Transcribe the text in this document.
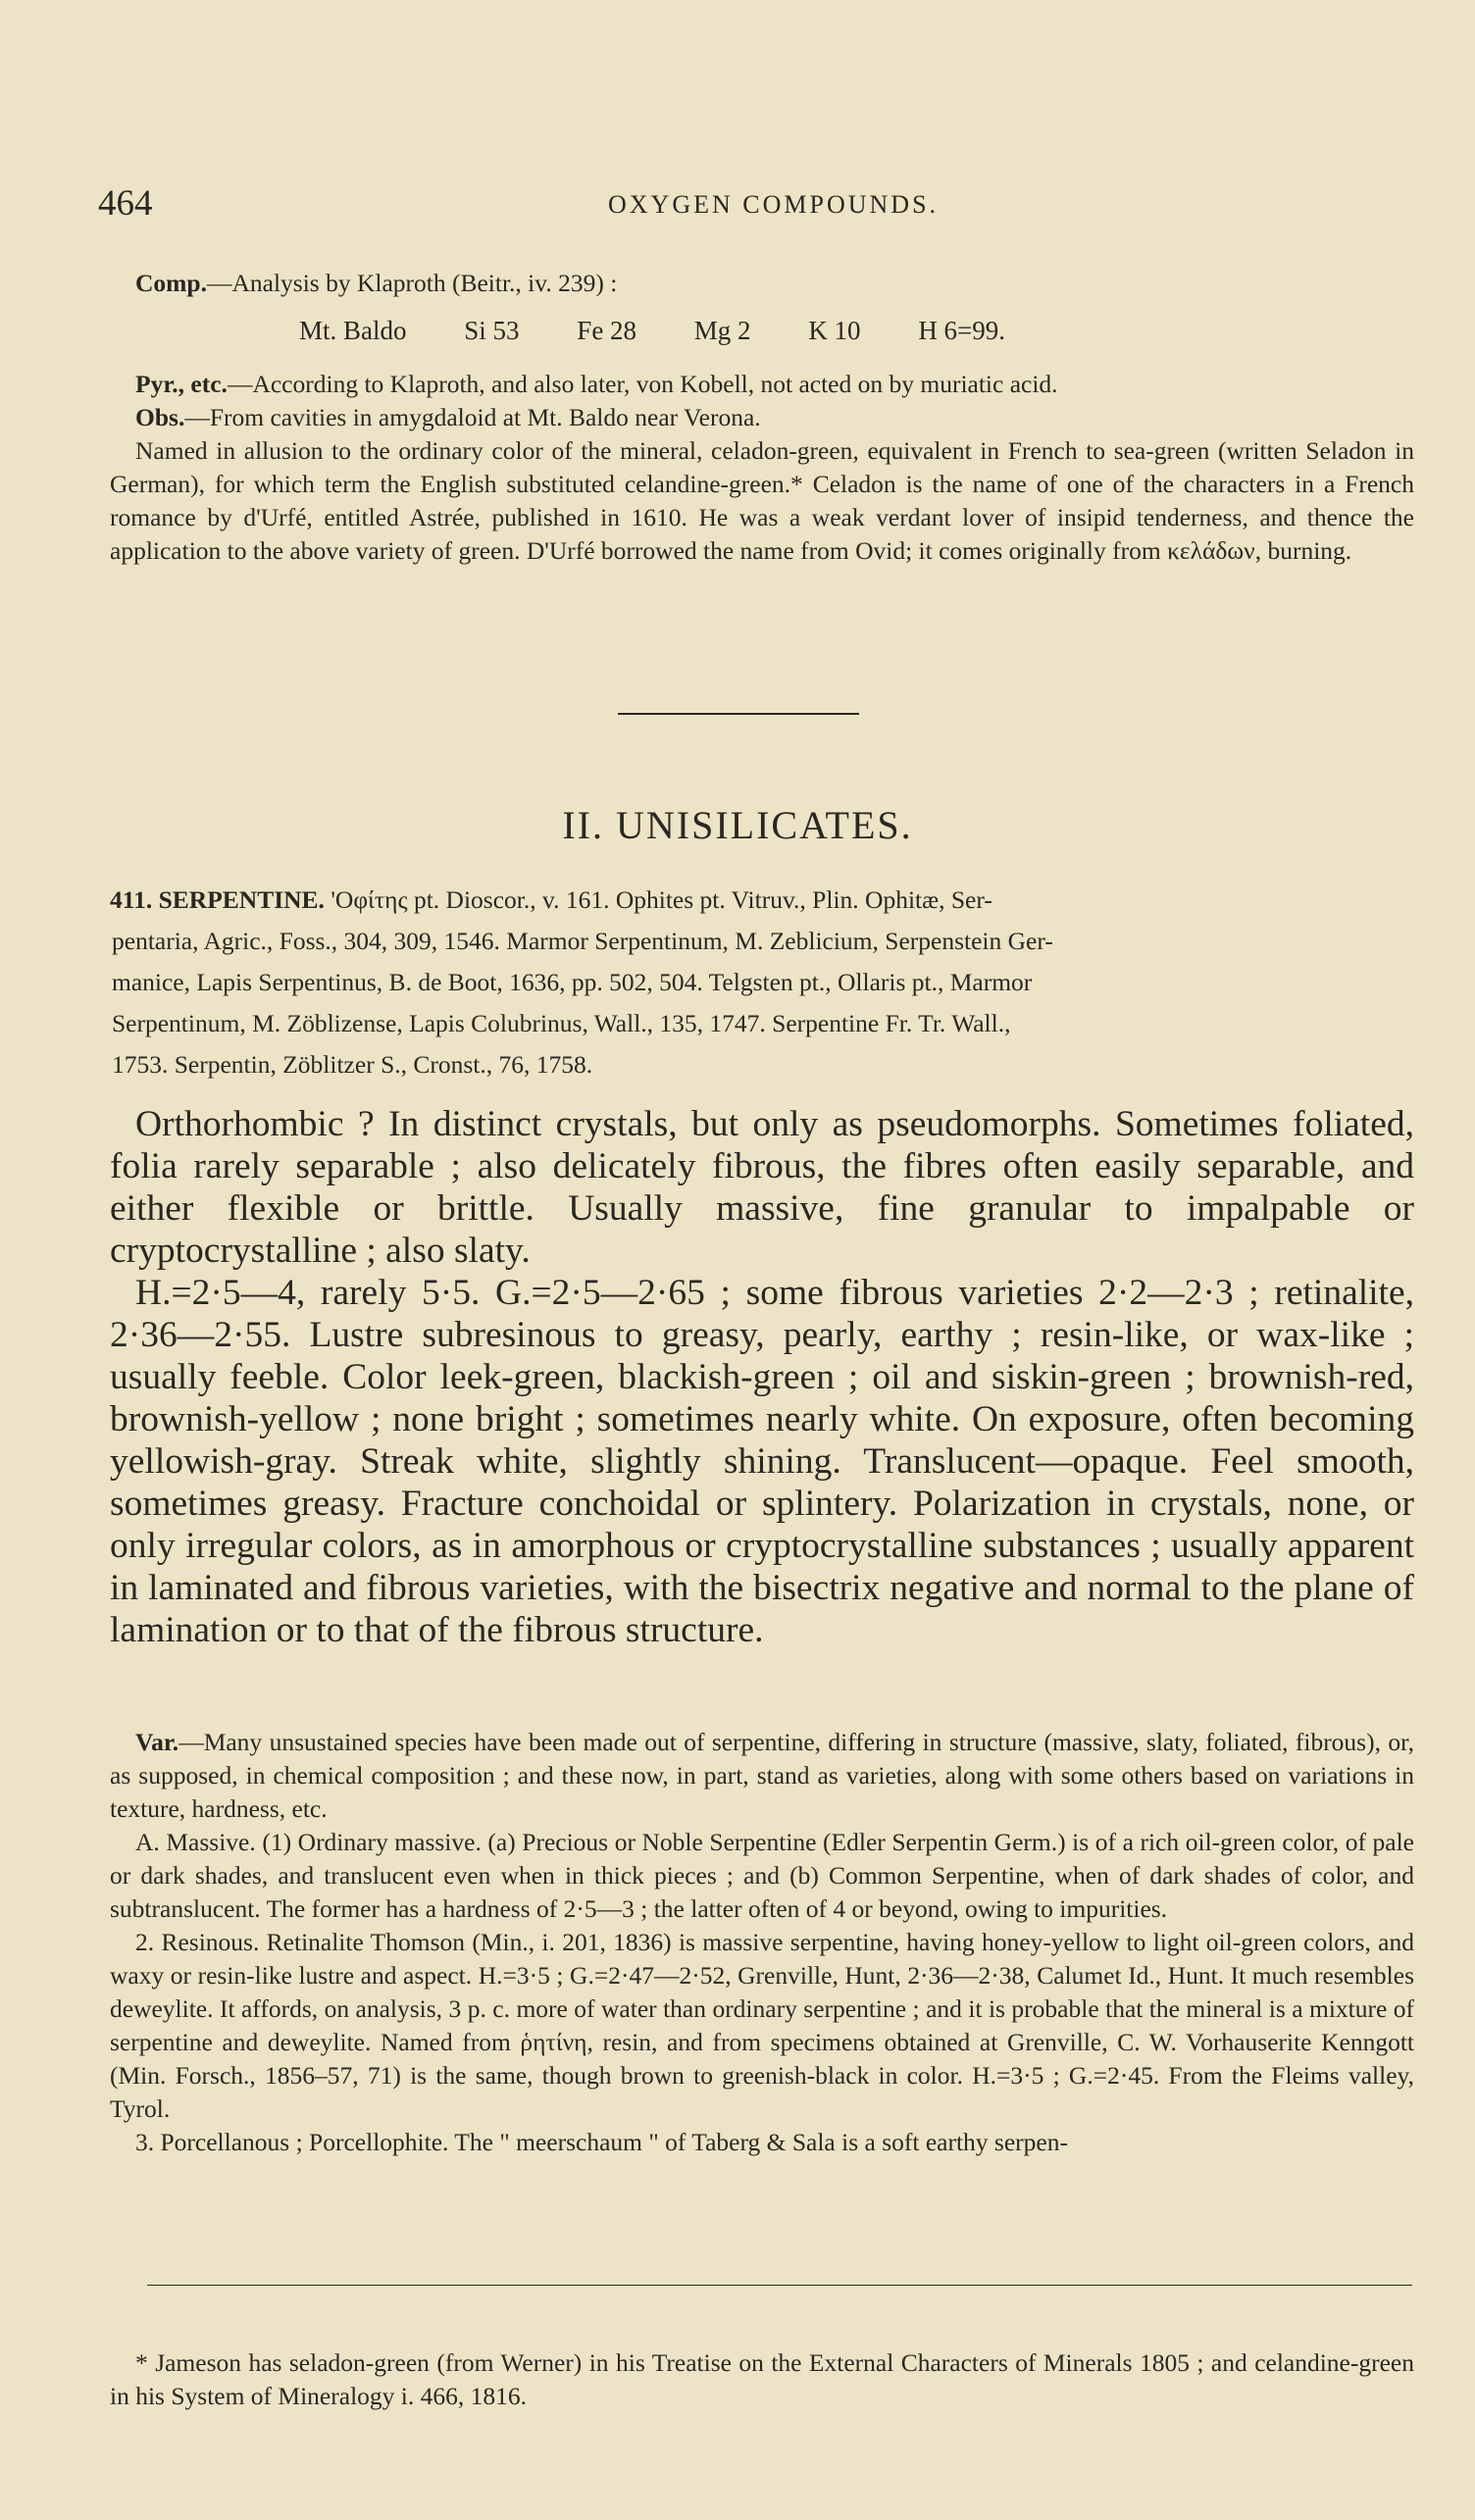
464	OXYGEN COMPOUNDS.

Comp.—Analysis by Klaproth (Beitr., iv. 239) :

Mt. Baldo Si 53 Fe 28 Mg 2 K 10 H 6=99.

Pyr., etc.—According to Klaproth, and also later, von Kobell, not acted on by muriatic acid.

Obs.—From cavities in amygdaloid at Mt. Baldo near Verona.

Named in allusion to the ordinary color of the mineral, celadon-green, equivalent in French to sea-green (written Seladon in German), for which term the English substituted celandine-green.* Celadon is the name of one of the characters in a French romance by d'Urfé, entitled Astrée, published in 1610. He was a weak verdant lover of insipid tenderness, and thence the application to the above variety of green. D'Urfé borrowed the name from Ovid; it comes originally from κελάδων, burning.

II. UNISILICATES.
411. SERPENTINE. 'Οφίτης pt. Dioscor., v. 161. Ophites pt. Vitruv., Plin. Ophitæ, Ser-
pentaria, Agric., Foss., 304, 309, 1546. Marmor Serpentinum, M. Zeblicium, Serpenstein Ger-
manice, Lapis Serpentinus, B. de Boot, 1636, pp. 502, 504. Telgsten pt., Ollaris pt., Marmor
Serpentinum, M. Zöblizense, Lapis Colubrinus, Wall., 135, 1747. Serpentine Fr. Tr. Wall.,
1753. Serpentin, Zöblitzer S., Cronst., 76, 1758.

Orthorhombic ? In distinct crystals, but only as pseudomorphs. Sometimes foliated, folia rarely separable ; also delicately fibrous, the fibres often easily separable, and either flexible or brittle. Usually massive, fine granular to impalpable or cryptocrystalline ; also slaty.

H.=2·5—4, rarely 5·5. G.=2·5—2·65 ; some fibrous varieties 2·2—2·3 ; retinalite, 2·36—2·55. Lustre subresinous to greasy, pearly, earthy ; resin-like, or wax-like ; usually feeble. Color leek-green, blackish-green ; oil and siskin-green ; brownish-red, brownish-yellow ; none bright ; sometimes nearly white. On exposure, often becoming yellowish-gray. Streak white, slightly shining. Translucent—opaque. Feel smooth, sometimes greasy. Fracture conchoidal or splintery. Polarization in crystals, none, or only irregular colors, as in amorphous or cryptocrystalline substances ; usually apparent in laminated and fibrous varieties, with the bisectrix negative and normal to the plane of lamination or to that of the fibrous structure.

Var.—Many unsustained species have been made out of serpentine, differing in structure (massive, slaty, foliated, fibrous), or, as supposed, in chemical composition ; and these now, in part, stand as varieties, along with some others based on variations in texture, hardness, etc.

A. Massive. (1) Ordinary massive. (a) Precious or Noble Serpentine (Edler Serpentin Germ.) is of a rich oil-green color, of pale or dark shades, and translucent even when in thick pieces ; and (b) Common Serpentine, when of dark shades of color, and subtranslucent. The former has a hardness of 2·5—3 ; the latter often of 4 or beyond, owing to impurities.

2. Resinous. Retinalite Thomson (Min., i. 201, 1836) is massive serpentine, having honey-yellow to light oil-green colors, and waxy or resin-like lustre and aspect. H.=3·5 ; G.=2·47—2·52, Grenville, Hunt, 2·36—2·38, Calumet Id., Hunt. It much resembles deweylite. It affords, on analysis, 3 p. c. more of water than ordinary serpentine ; and it is probable that the mineral is a mixture of serpentine and deweylite. Named from ῥητίνη, resin, and from specimens obtained at Grenville, C. W. Vorhauserite Kenngott (Min. Forsch., 1856–57, 71) is the same, though brown to greenish-black in color. H.=3·5 ; G.=2·45. From the Fleims valley, Tyrol.

3. Porcellanous ; Porcellophite. The " meerschaum " of Taberg & Sala is a soft earthy serpen-

* Jameson has seladon-green (from Werner) in his Treatise on the External Characters of Minerals 1805 ; and celandine-green in his System of Mineralogy i. 466, 1816.
